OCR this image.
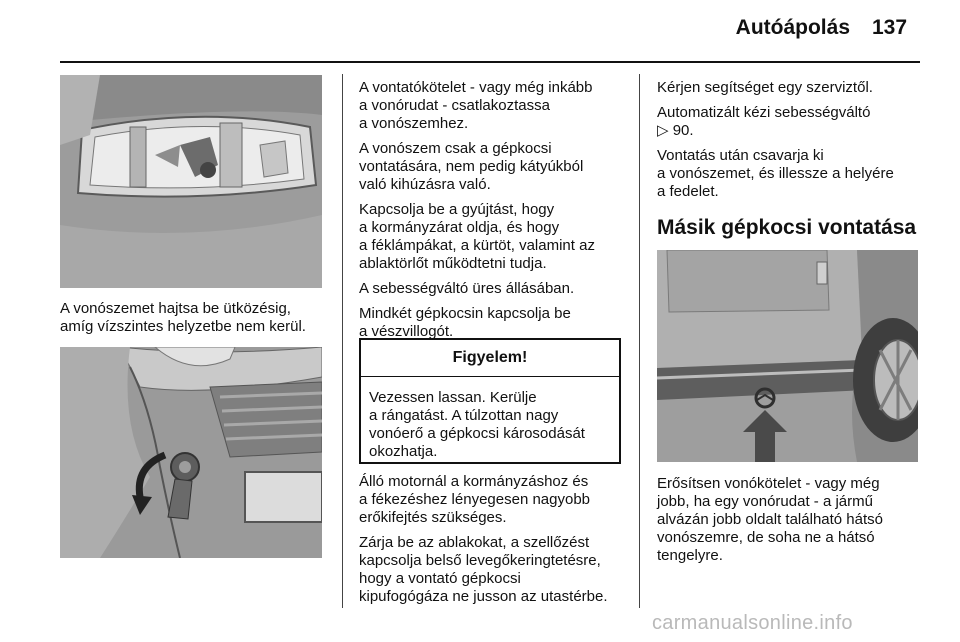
Autóápolás 137
A vonószemet hajtsa be ütközésig,
amíg vízszintes helyzetbe nem kerül.

A vontatókötelet - vagy még inkább
a vonórudat - csatlakoztassa
a vonószemhez.

A vonószem csak a gépkocsi
vontatására, nem pedig kátyúkból
való kihúzásra való.

Kapcsolja be a gyújtást, hogy
a kormányzárat oldja, és hogy
a féklámpákat, a kürtöt, valamint az
ablaktörlőt működtetni tudja.

A sebességváltó üres állásában.

Mindkét gépkocsin kapcsolja be
a vészvillogót.

Figyelem!
Vezessen lassan. Kerülje
a rángatást. A túlzottan nagy
vonóerő a gépkocsi károsodását
okozhatja.

Álló motornál a kormányzáshoz és
a fékezéshez lényegesen nagyobb
erőkifejtés szükséges.

Zárja be az ablakokat, a szellőzést
kapcsolja belső levegőkeringtetésre,
hogy a vontató gépkocsi
kipufogógáza ne jusson az utastérbe.

Kérjen segítséget egy szerviztől.

Automatizált kézi sebességváltó
▷ 90.

Vontatás után csavarja ki
a vonószemet, és illessze a helyére
a fedelet.

Másik gépkocsi vontatása
Erősítsen vonókötelet - vagy még
jobb, ha egy vonórudat - a jármű
alvázán jobb oldalt található hátsó
vonószemre, de soha ne a hátsó
tengelyre.
carmanualsonline.info
